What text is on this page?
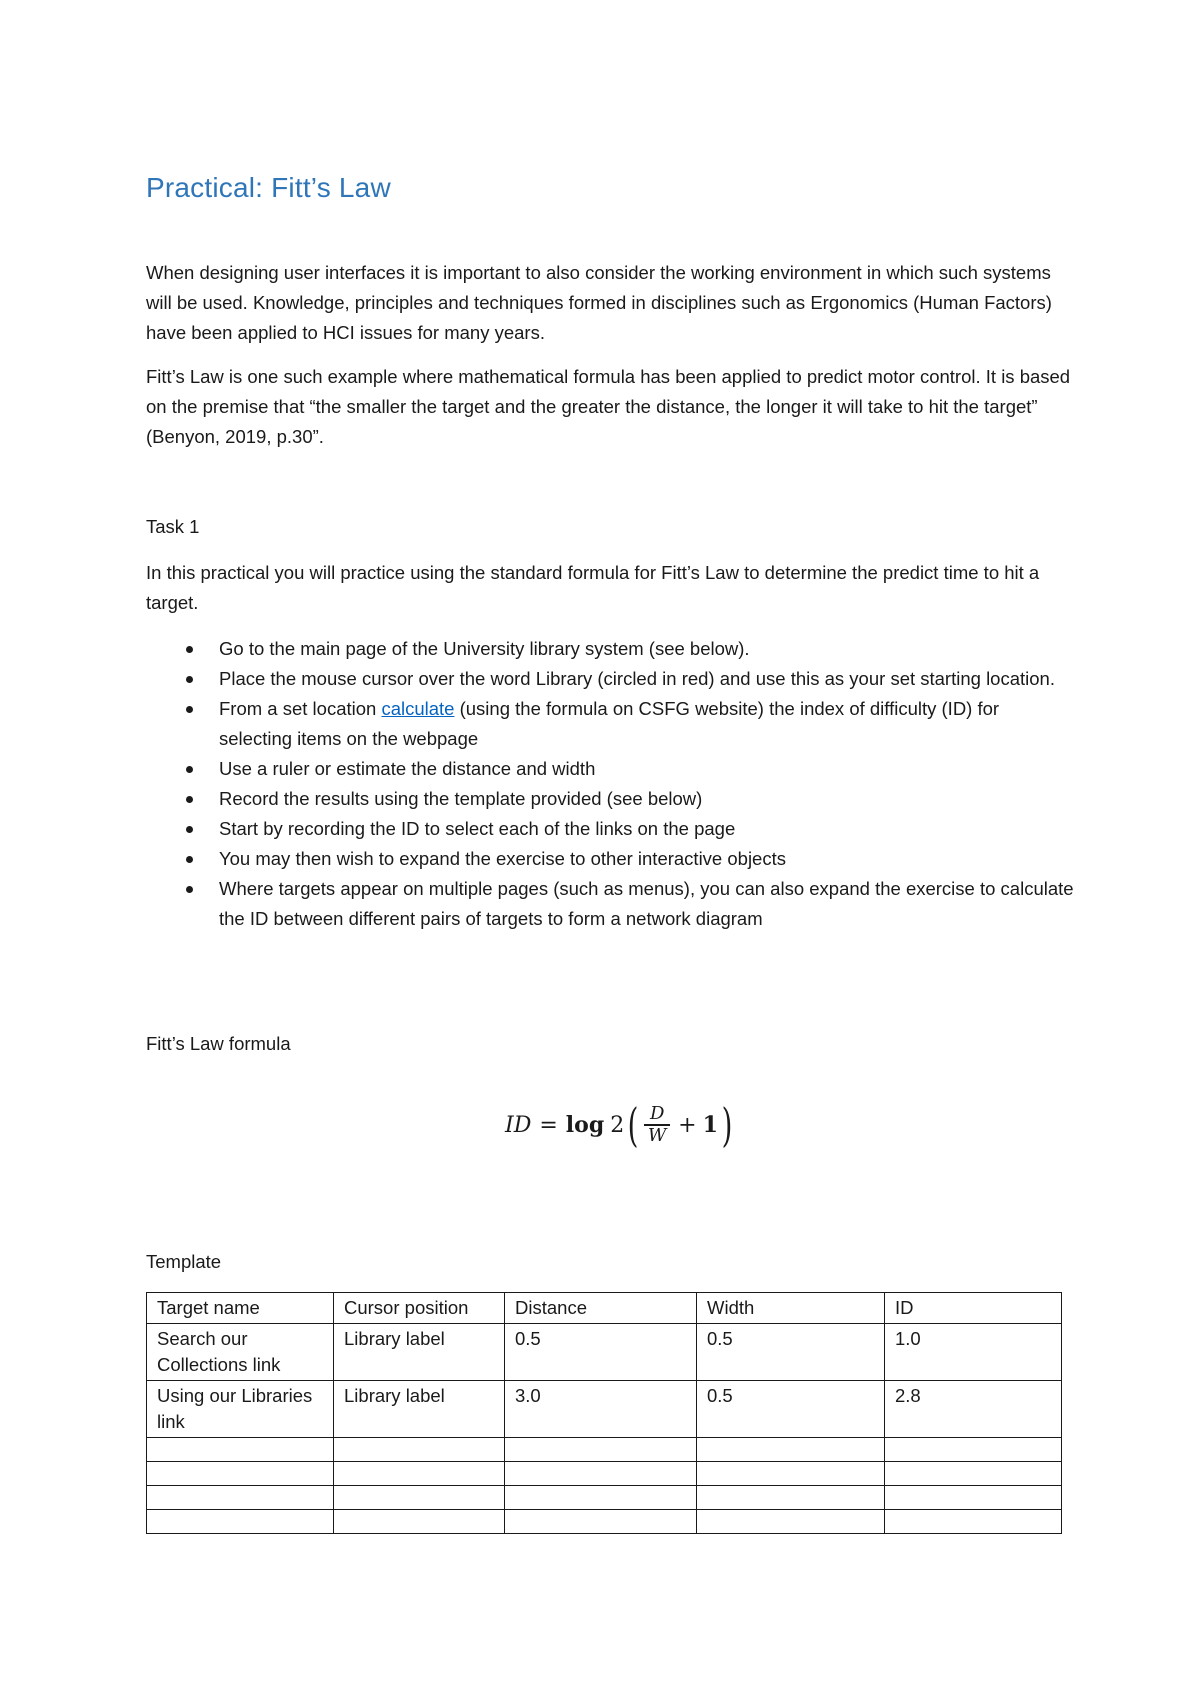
Practical: Fitt’s Law

When designing user interfaces it is important to also consider the working environment in which such systems will be used. Knowledge, principles and techniques formed in disciplines such as Ergonomics (Human Factors) have been applied to HCI issues for many years.

Fitt’s Law is one such example where mathematical formula has been applied to predict motor control. It is based on the premise that “the smaller the target and the greater the distance, the longer it will take to hit the target” (Benyon, 2019, p.30”.

Task 1

In this practical you will practice using the standard formula for Fitt’s Law to determine the predict time to hit a target.

Go to the main page of the University library system (see below).
Place the mouse cursor over the word Library (circled in red) and use this as your set starting location.
From a set location calculate (using the formula on CSFG website) the index of difficulty (ID) for selecting items on the webpage
Use a ruler or estimate the distance and width
Record the results using the template provided (see below)
Start by recording the ID to select each of the links on the page
You may then wish to expand the exercise to other interactive objects
Where targets appear on multiple pages (such as menus), you can also expand the exercise to calculate the ID between different pairs of targets to form a network diagram

Fitt’s Law formula

ID = log 2 ( $\frac{D}{W} + 1$ )

Template

Target name	Cursor position	Distance	Width	ID
Search our Collections link	Library label	0.5	0.5	1.0
Using our Libraries link	Library label	3.0	0.5	2.8
